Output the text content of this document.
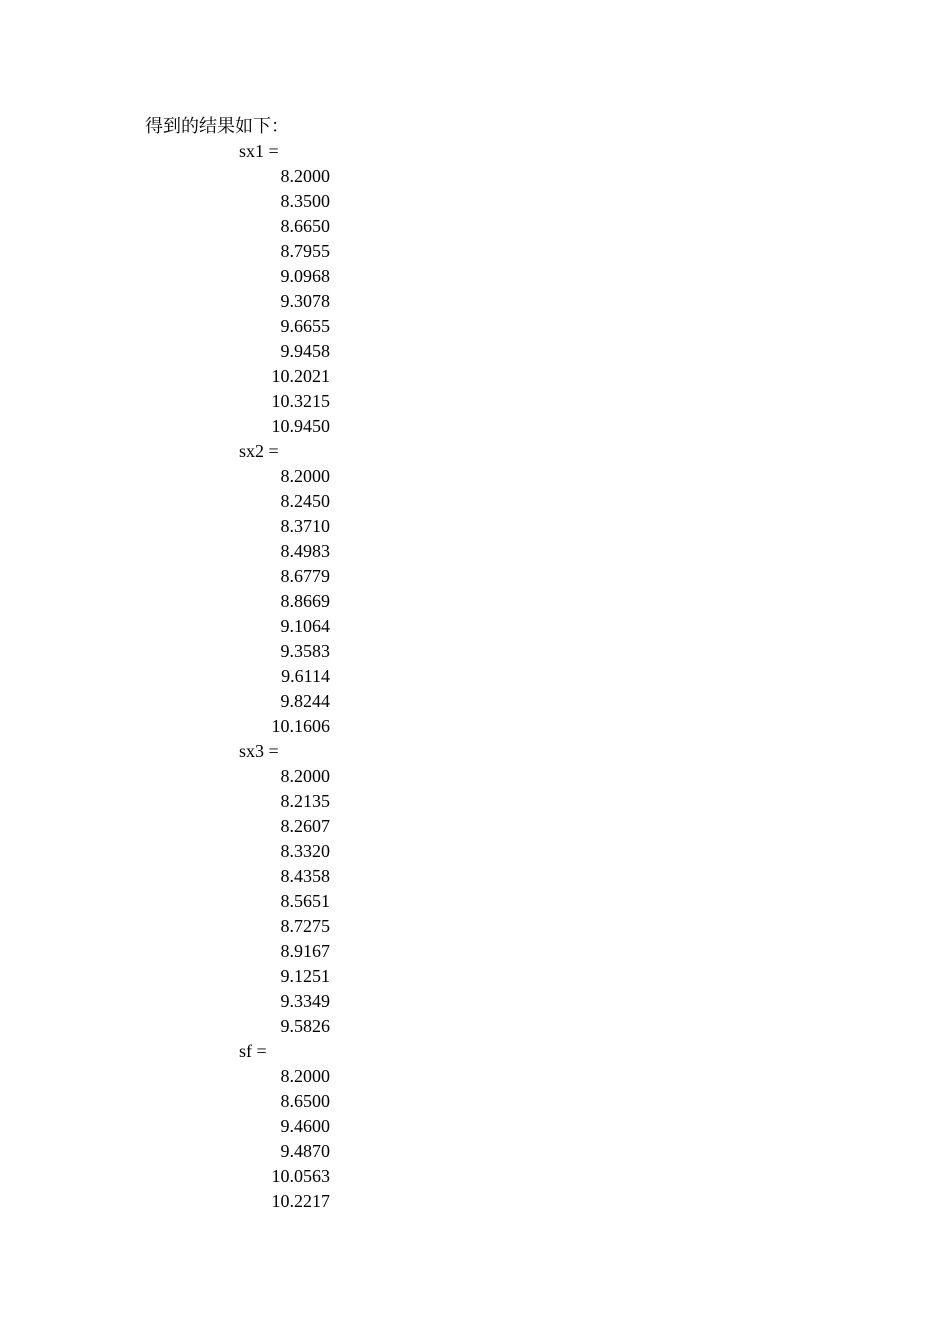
得到的结果如下：
sx1 =
8.2000
8.3500
8.6650
8.7955
9.0968
9.3078
9.6655
9.9458
10.2021
10.3215
10.9450
sx2 =
8.2000
8.2450
8.3710
8.4983
8.6779
8.8669
9.1064
9.3583
9.6114
9.8244
10.1606
sx3 =
8.2000
8.2135
8.2607
8.3320
8.4358
8.5651
8.7275
8.9167
9.1251
9.3349
9.5826
sf =
8.2000
8.6500
9.4600
9.4870
10.0563
10.2217
